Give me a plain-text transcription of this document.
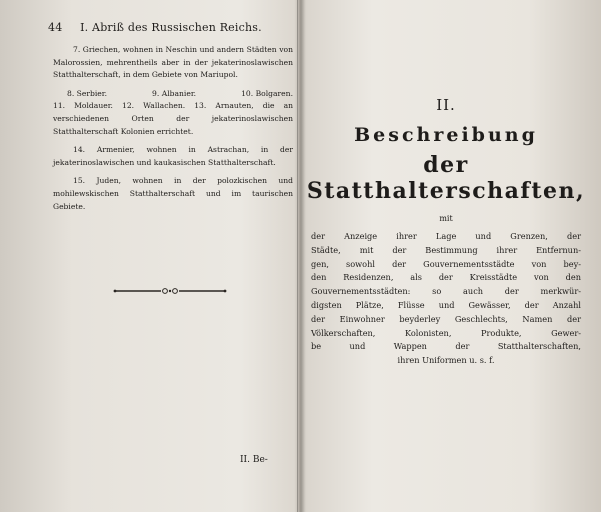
44 I. Abriß des Russischen Reichs.

7. Griechen, wohnen in Neschin und andern Städten von Malorossien, mehrentheils aber in der jekaterinoslawischen Statthalterschaft, in dem Gebiete von Mariupol.

8. Serbier.	9. Albanier.	10. Bolgaren.

11. Moldauer. 12. Wallachen. 13. Arnauten, die an verschiedenen Orten der jekaterinoslawischen Statthalterschaft Kolonien errichtet.

14. Armenier, wohnen in Astrachan, in der jekaterinoslawischen und kaukasischen Statthalterschaft.

15. Juden, wohnen in der polozkischen und mohilewskischen Statthalterschaft und im taurischen Gebiete.

II. Be-
II.
Beschreibung
der Statthalterschaften,
mit
der Anzeige ihrer Lage und Grenzen, der
Städte, mit der Bestimmung ihrer Entfernun-
gen, sowohl der Gouvernementsstädte von bey-
den Residenzen, als der Kreisstädte von den
Gouvernementsstädten: so auch der merkwür-
digsten Plätze, Flüsse und Gewässer, der Anzahl
der Einwohner beyderley Geschlechts, Namen der
Völkerschaften, Kolonisten, Produkte, Gewer-
be und Wappen der Statthalterschaften,
ihren Uniformen u. s. f.
